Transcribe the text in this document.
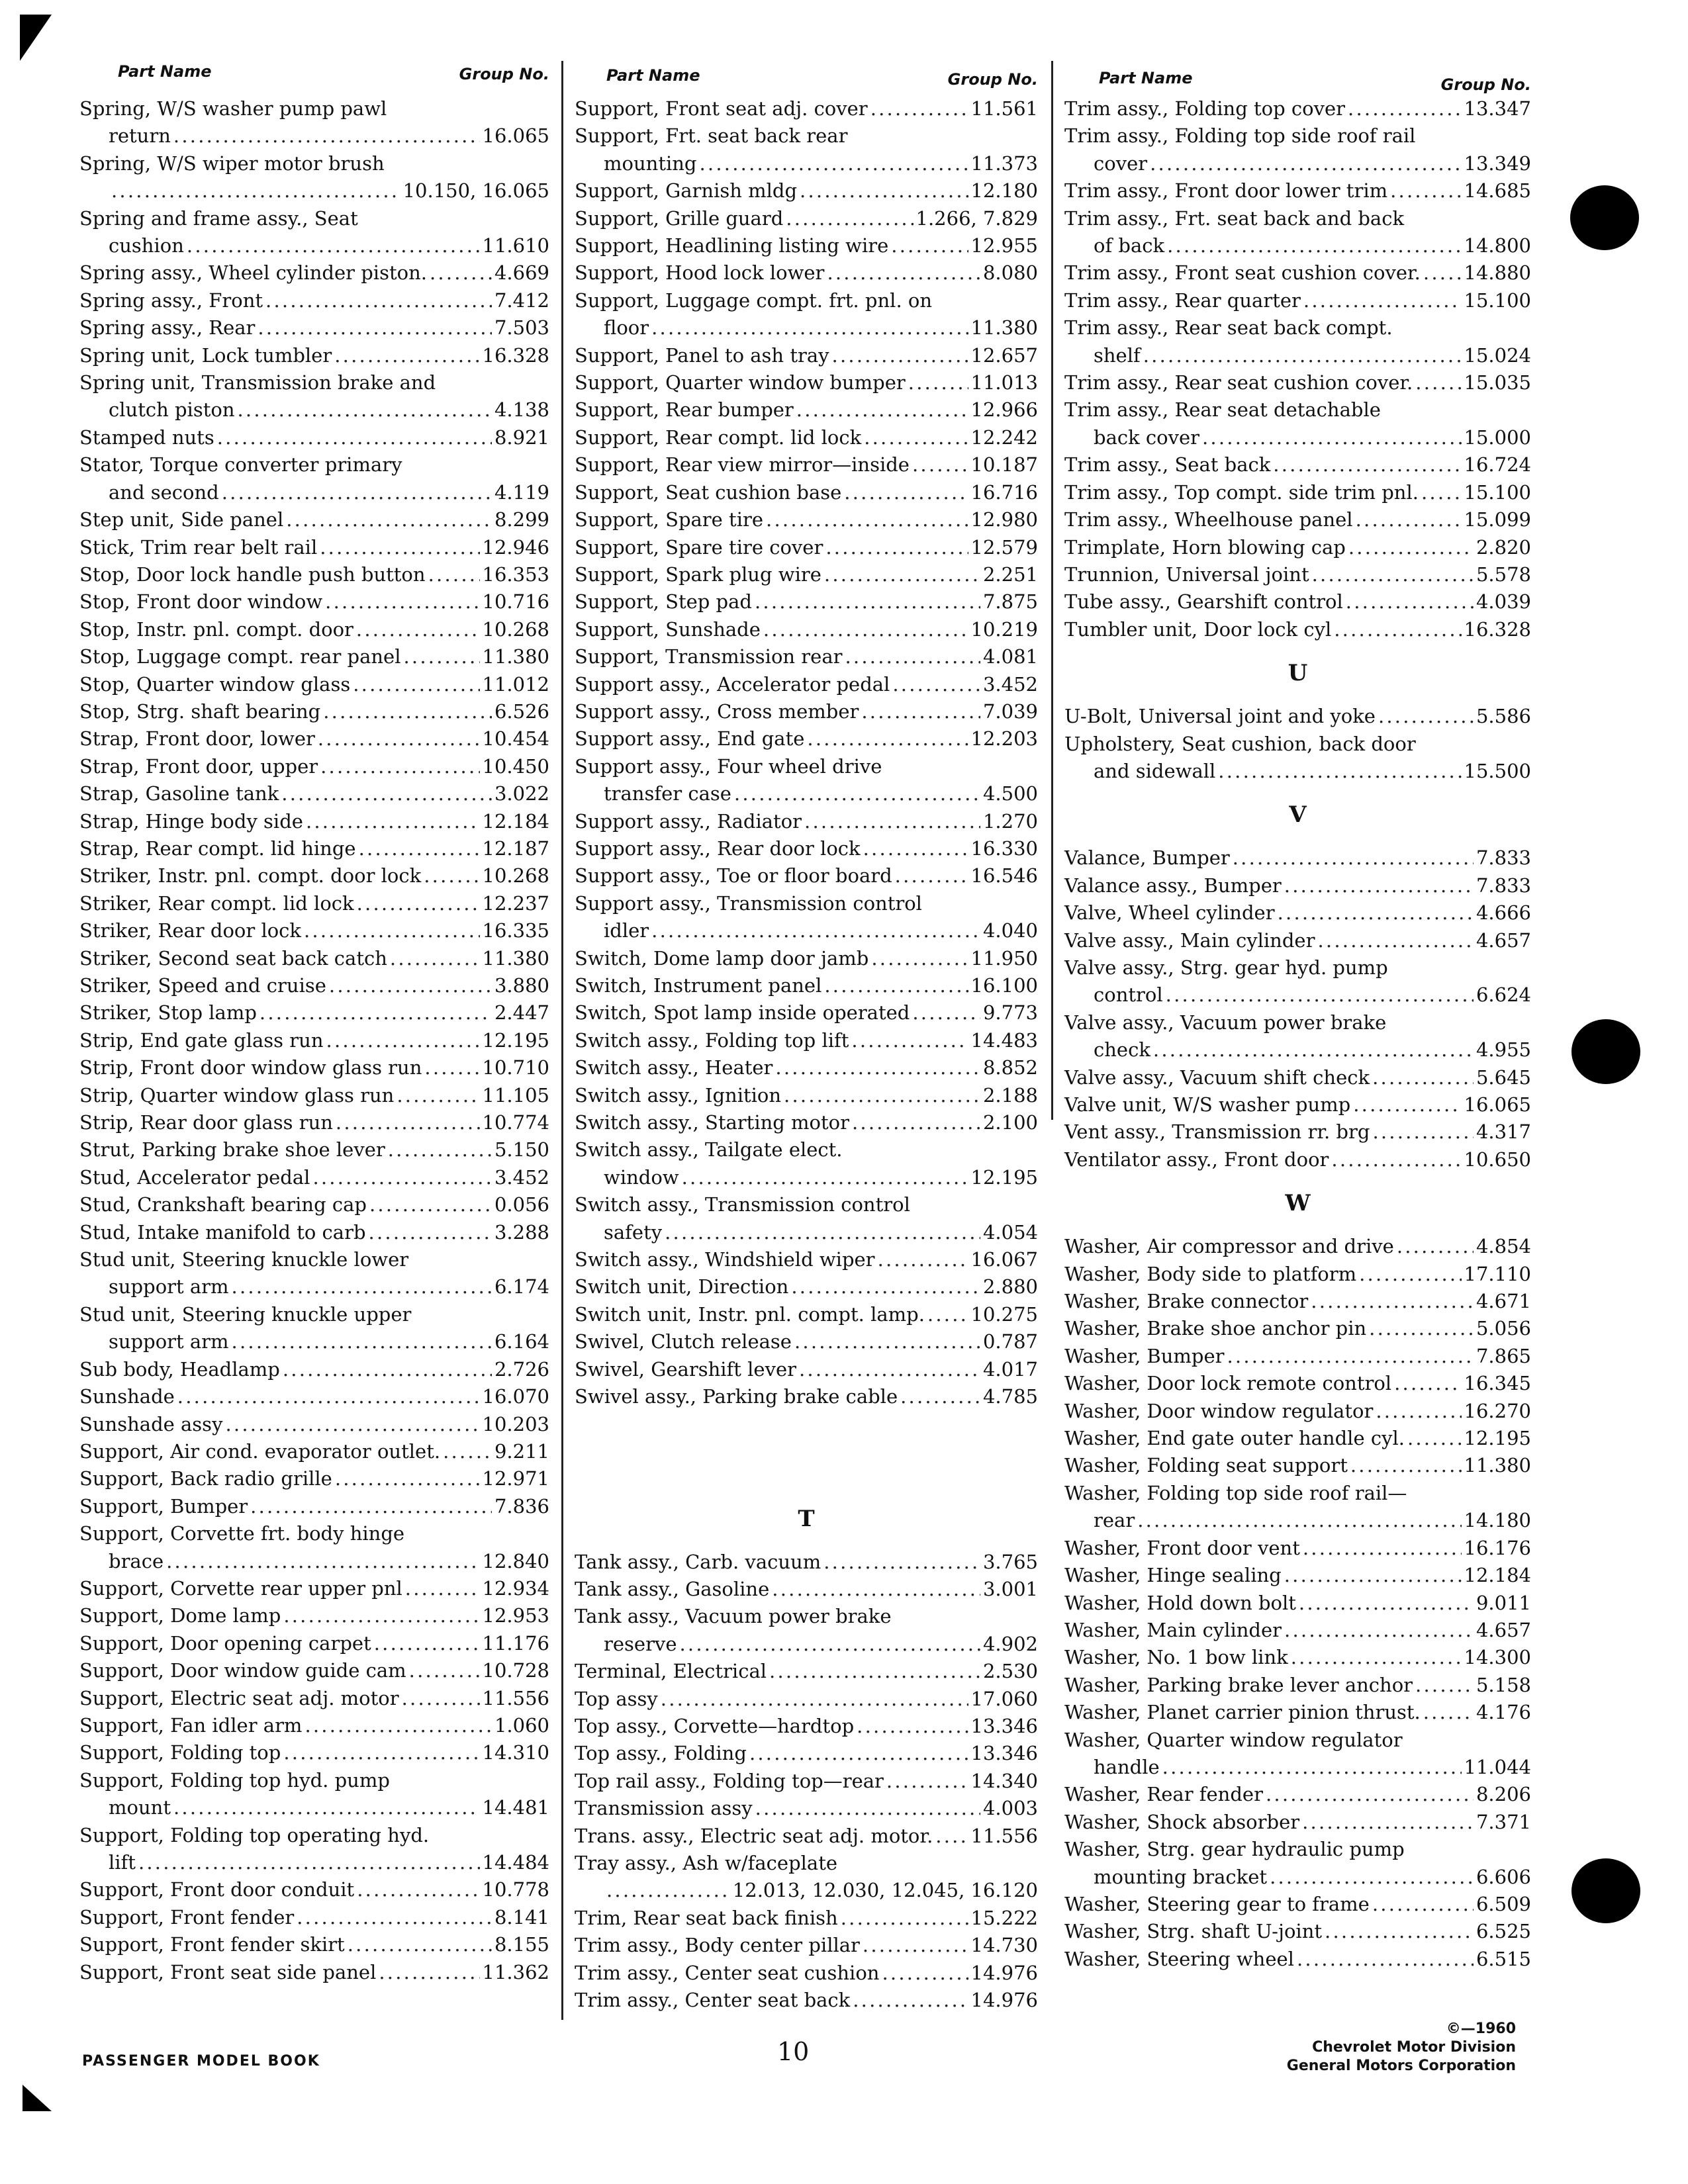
Part Name	Group No.
Spring, W/S washer pump pawl
return . . .	16.065
Spring, W/S wiper motor brush
. . .
10.150, 16.065
Spring and frame assy., Seat
cushion . . .	11.610
Spring assy., Wheel cylinder piston. . . .	4.669
Spring assy., Front . . .	7.412
Spring assy., Rear . . .	7.503
Spring unit, Lock tumbler . . .	16.328
Spring unit, Transmission brake and
clutch piston . . .	4.138
Stamped nuts . . .	8.921
Stator, Torque converter primary
and second . . .	4.119
Step unit, Side panel . . .	8.299
Stick, Trim rear belt rail . . .	12.946
Stop, Door lock handle push button . . .	16.353
Stop, Front door window . . .	10.716
Stop, Instr. pnl. compt. door . . .	10.268
Stop, Luggage compt. rear panel . . .	11.380
Stop, Quarter window glass . . .	11.012
Stop, Strg. shaft bearing . . .	6.526
Strap, Front door, lower . . .	10.454
Strap, Front door, upper . . .	10.450
Strap, Gasoline tank . . .	3.022
Strap, Hinge body side . . .	12.184
Strap, Rear compt. lid hinge . . .	12.187
Striker, Instr. pnl. compt. door lock . . .	10.268
Striker, Rear compt. lid lock . . .	12.237
Striker, Rear door lock . . .	16.335
Striker, Second seat back catch . . .	11.380
Striker, Speed and cruise . . .	3.880
Striker, Stop lamp . . .	2.447
Strip, End gate glass run . . .	12.195
Strip, Front door window glass run . . .	10.710
Strip, Quarter window glass run . . .	11.105
Strip, Rear door glass run . . .	10.774
Strut, Parking brake shoe lever . . .	5.150
Stud, Accelerator pedal . . .	3.452
Stud, Crankshaft bearing cap . . .	0.056
Stud, Intake manifold to carb . . .	3.288
Stud unit, Steering knuckle lower
support arm . . .	6.174
Stud unit, Steering knuckle upper
support arm . . .	6.164
Sub body, Headlamp . . .	2.726
Sunshade . . .	16.070
Sunshade assy . . .	10.203
Support, Air cond. evaporator outlet. . . .	9.211
Support, Back radio grille . . .	12.971
Support, Bumper . . .	7.836
Support, Corvette frt. body hinge
brace . . .	12.840
Support, Corvette rear upper pnl . . .	12.934
Support, Dome lamp . . .	12.953
Support, Door opening carpet . . .	11.176
Support, Door window guide cam . . .	10.728
Support, Electric seat adj. motor . . .	11.556
Support, Fan idler arm . . .	1.060
Support, Folding top . . .	14.310
Support, Folding top hyd. pump
mount . . .	14.481
Support, Folding top operating hyd.
lift . . .	14.484
Support, Front door conduit . . .	10.778
Support, Front fender . . .	8.141
Support, Front fender skirt . . .	8.155
Support, Front seat side panel . . .	11.362
Part Name	Group No.
Support, Front seat adj. cover . . .	11.561
Support, Frt. seat back rear
mounting . . .	11.373
Support, Garnish mldg . . .	12.180
Support, Grille guard . . .	1.266, 7.829
Support, Headlining listing wire . . .	12.955
Support, Hood lock lower . . .	8.080
Support, Luggage compt. frt. pnl. on
floor . . .	11.380
Support, Panel to ash tray . . .	12.657
Support, Quarter window bumper . . .	11.013
Support, Rear bumper . . .	12.966
Support, Rear compt. lid lock . . .	12.242
Support, Rear view mirror—inside . . .	10.187
Support, Seat cushion base . . .	16.716
Support, Spare tire . . .	12.980
Support, Spare tire cover . . .	12.579
Support, Spark plug wire . . .	2.251
Support, Step pad . . .	7.875
Support, Sunshade . . .	10.219
Support, Transmission rear . . .	4.081
Support assy., Accelerator pedal . . .	3.452
Support assy., Cross member . . .	7.039
Support assy., End gate . . .	12.203
Support assy., Four wheel drive
transfer case . . .	4.500
Support assy., Radiator . . .	1.270
Support assy., Rear door lock . . .	16.330
Support assy., Toe or floor board . . .	16.546
Support assy., Transmission control
idler . . .	4.040
Switch, Dome lamp door jamb . . .	11.950
Switch, Instrument panel . . .	16.100
Switch, Spot lamp inside operated . . .	9.773
Switch assy., Folding top lift . . .	14.483
Switch assy., Heater . . .	8.852
Switch assy., Ignition . . .	2.188
Switch assy., Starting motor . . .	2.100
Switch assy., Tailgate elect.
window . . .	12.195
Switch assy., Transmission control
safety . . .	4.054
Switch assy., Windshield wiper . . .	16.067
Switch unit, Direction . . .	2.880
Switch unit, Instr. pnl. compt. lamp. . . . 10.275
Swivel, Clutch release . . .	0.787
Swivel, Gearshift lever . . .	4.017
Swivel assy., Parking brake cable . . .	4.785
T
Tank assy., Carb. vacuum . . .	3.765
Tank assy., Gasoline . . .	3.001
Tank assy., Vacuum power brake
reserve . . .	4.902
Terminal, Electrical . . .	2.530
Top assy . . .	17.060
Top assy., Corvette—hardtop . . .	13.346
Top assy., Folding . . .	13.346
Top rail assy., Folding top—rear . . .	14.340
Transmission assy . . .	4.003
Trans. assy., Electric seat adj. motor. . . . 11.556
Tray assy., Ash w/faceplate
. . .
12.013, 12.030, 12.045, 16.120
Trim, Rear seat back finish . . .	15.222
Trim assy., Body center pillar . . .	14.730
Trim assy., Center seat cushion . . .	14.976
Trim assy., Center seat back . . .	14.976
Part Name	Group No.
Trim assy., Folding top cover . . .	13.347
Trim assy., Folding top side roof rail
cover . . .	13.349
Trim assy., Front door lower trim . . .	14.685
Trim assy., Frt. seat back and back
of back . . .	14.800
Trim assy., Front seat cushion cover. . . . 14.880
Trim assy., Rear quarter . . .	15.100
Trim assy., Rear seat back compt.
shelf . . .	15.024
Trim assy., Rear seat cushion cover. . . .	15.035
Trim assy., Rear seat detachable
back cover . . .	15.000
Trim assy., Seat back . . .	16.724
Trim assy., Top compt. side trim pnl. . . . 15.100
Trim assy., Wheelhouse panel . . .	15.099
Trimplate, Horn blowing cap . . .	2.820
Trunnion, Universal joint . . .	5.578
Tube assy., Gearshift control . . .	4.039
Tumbler unit, Door lock cyl . . .	16.328
U
U-Bolt, Universal joint and yoke . . .	5.586
Upholstery, Seat cushion, back door
and sidewall . . .	15.500
V
Valance, Bumper . . .	7.833
Valance assy., Bumper . . .	7.833
Valve, Wheel cylinder . . .	4.666
Valve assy., Main cylinder . . .	4.657
Valve assy., Strg. gear hyd. pump
control . . .	6.624
Valve assy., Vacuum power brake
check . . .	4.955
Valve assy., Vacuum shift check . . .	5.645
Valve unit, W/S washer pump . . .	16.065
Vent assy., Transmission rr. brg . . .	4.317
Ventilator assy., Front door . . .	10.650
W
Washer, Air compressor and drive . . .	4.854
Washer, Body side to platform . . .	17.110
Washer, Brake connector . . .	4.671
Washer, Brake shoe anchor pin . . .	5.056
Washer, Bumper . . .	7.865
Washer, Door lock remote control . . .	16.345
Washer, Door window regulator . . .	16.270
Washer, End gate outer handle cyl. . . .	12.195
Washer, Folding seat support . . .	11.380
Washer, Folding top side roof rail—
rear . . .	14.180
Washer, Front door vent . . .	16.176
Washer, Hinge sealing . . .	12.184
Washer, Hold down bolt . . .	9.011
Washer, Main cylinder . . .	4.657
Washer, No. 1 bow link . . .	14.300
Washer, Parking brake lever anchor . . .	5.158
Washer, Planet carrier pinion thrust. . . .	4.176
Washer, Quarter window regulator
handle . . .	11.044
Washer, Rear fender . . .	8.206
Washer, Shock absorber . . .	7.371
Washer, Strg. gear hydraulic pump
mounting bracket . . .	6.606
Washer, Steering gear to frame . . .	6.509
Washer, Strg. shaft U-joint . . .	6.525
Washer, Steering wheel . . .	6.515
PASSENGER MODEL BOOK	10
©—1960
Chevrolet Motor Division
General Motors Corporation
